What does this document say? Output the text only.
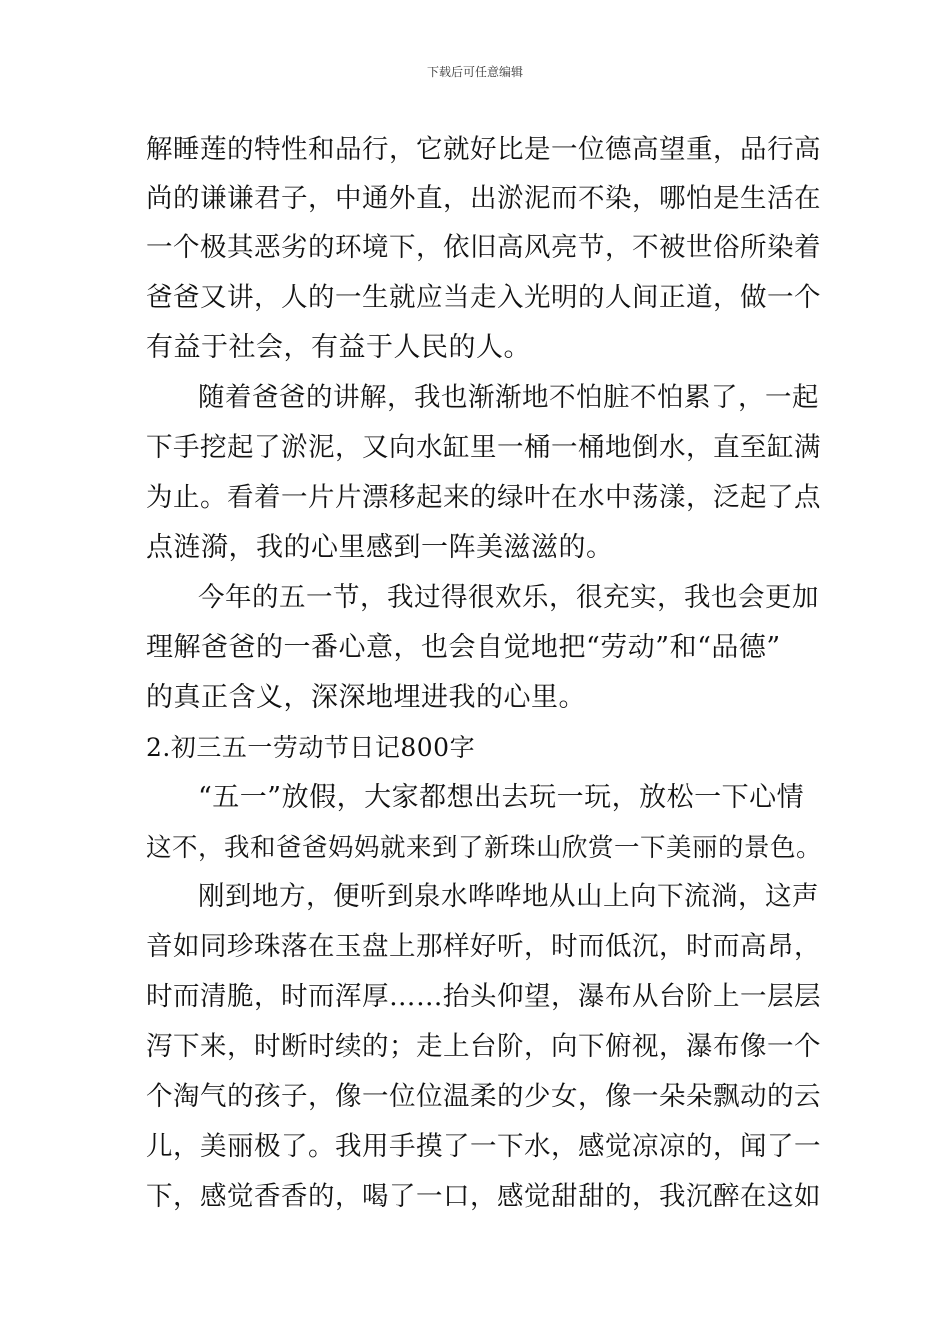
下载后可任意编辑
解睡莲的特性和品行，它就好比是一位德高望重，品行高
尚的谦谦君子，中通外直，出淤泥而不染，哪怕是生活在
一个极其恶劣的环境下，依旧高风亮节，不被世俗所染着
爸爸又讲，人的一生就应当走入光明的人间正道，做一个
有益于社会，有益于人民的人。
随着爸爸的讲解，我也渐渐地不怕脏不怕累了，一起
下手挖起了淤泥，又向水缸里一桶一桶地倒水，直至缸满
为止。看着一片片漂移起来的绿叶在水中荡漾，泛起了点
点涟漪，我的心里感到一阵美滋滋的。
今年的五一节，我过得很欢乐，很充实，我也会更加
理解爸爸的一番心意，也会自觉地把“劳动”和“品德”
的真正含义，深深地埋进我的心里。
2.初三五一劳动节日记800字
“五一”放假，大家都想出去玩一玩，放松一下心情
这不，我和爸爸妈妈就来到了新珠山欣赏一下美丽的景色。
刚到地方，便听到泉水哗哗地从山上向下流淌，这声
音如同珍珠落在玉盘上那样好听，时而低沉，时而高昂，
时而清脆，时而浑厚……抬头仰望，瀑布从台阶上一层层
泻下来，时断时续的；走上台阶，向下俯视，瀑布像一个
个淘气的孩子，像一位位温柔的少女，像一朵朵飘动的云
儿，美丽极了。我用手摸了一下水，感觉凉凉的，闻了一
下，感觉香香的，喝了一口，感觉甜甜的，我沉醉在这如
